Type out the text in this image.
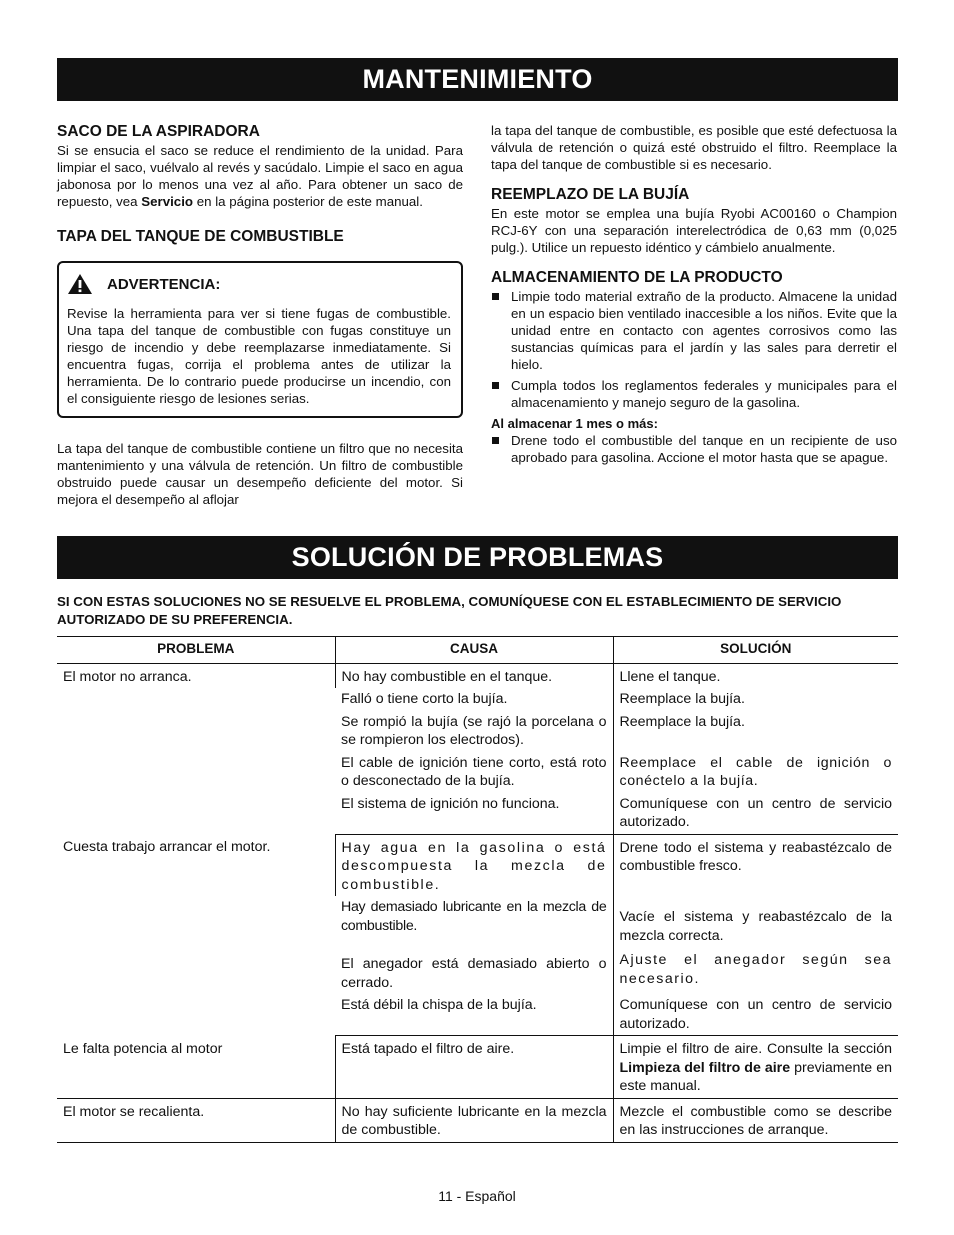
MANTENIMIENTO
SACO DE LA ASPIRADORA

Si se ensucia el saco se reduce el rendimiento de la unidad. Para limpiar el saco, vuélvalo al revés y sacúdalo. Limpie el saco en agua jabonosa por lo menos una vez al año. Para obtener un saco de repuesto, vea Servicio en la página posterior de este manual.

TAPA DEL TANQUE DE COMBUSTIBLE
ADVERTENCIA:

Revise la herramienta para ver si tiene fugas de combustible. Una tapa del tanque de combustible con fugas constituye un riesgo de incendio y debe reemplazarse inmediatamente. Si encuentra fugas, corrija el problema antes de utilizar la herramienta. De lo contrario puede producirse un incendio, con el consiguiente riesgo de lesiones serias.

La tapa del tanque de combustible contiene un filtro que no necesita mantenimiento y una válvula de retención. Un filtro de combustible obstruido puede causar un desempeño deficiente del motor. Si mejora el desempeño al aflojar

la tapa del tanque de combustible, es posible que esté defectuosa la válvula de retención o quizá esté obstruido el filtro. Reemplace la tapa del tanque de combustible si es necesario.

REEMPLAZO DE LA BUJÍA

En este motor se emplea una bujía Ryobi AC00160 o Champion RCJ-6Y con una separación interelectródica de 0,63 mm (0,025 pulg.). Utilice un repuesto idéntico y cámbielo anualmente.

ALMACENAMIENTO DE LA PRODUCTO
Limpie todo material extraño de la producto. Almacene la unidad en un espacio bien ventilado inaccesible a los niños. Evite que la unidad entre en contacto con agentes corrosivos como las sustancias químicas para el jardín y las sales para derretir el hielo.
Cumpla todos los reglamentos federales y municipales para el almacenamiento y manejo seguro de la gasolina.
Al almacenar 1 mes o más:
Drene todo el combustible del tanque en un recipiente de uso aprobado para gasolina. Accione el motor hasta que se apague.
SOLUCIÓN DE PROBLEMAS
SI CON ESTAS SOLUCIONES NO SE RESUELVE EL PROBLEMA, COMUNÍQUESE CON EL ESTABLECIMIENTO DE SERVICIO AUTORIZADO DE SU PREFERENCIA.
PROBLEMA	CAUSA	SOLUCIÓN
El motor no arranca.	No hay combustible en el tanque.	Llene el tanque.
	Falló o tiene corto la bujía.	Reemplace la bujía.
	Se rompió la bujía (se rajó la porcelana o se rompieron los electrodos).	Reemplace la bujía.
	El cable de ignición tiene corto, está roto o desconectado de la bujía.	Reemplace el cable de ignición o conéctelo a la bujía.
	El sistema de ignición no funciona.	Comuníquese con un centro de servicio autorizado.
Cuesta trabajo arrancar el motor.	Hay agua en la gasolina o está descompuesta la mezcla de combustible.	Drene todo el sistema y reabastézcalo de combustible fresco.
	Hay demasiado lubricante en la mezcla de combustible.	Vacíe el sistema y reabastézcalo de la mezcla correcta.
	El anegador está demasiado abierto o cerrado.	Ajuste el anegador según sea necesario.
	Está débil la chispa de la bujía.	Comuníquese con un centro de servicio autorizado.
Le falta potencia al motor	Está tapado el filtro de aire.	Limpie el filtro de aire. Consulte la sección Limpieza del filtro de aire previamente en este manual.
El motor se recalienta.	No hay suficiente lubricante en la mezcla de combustible.	Mezcle el combustible como se describe en las instrucciones de arranque.
11 - Español
